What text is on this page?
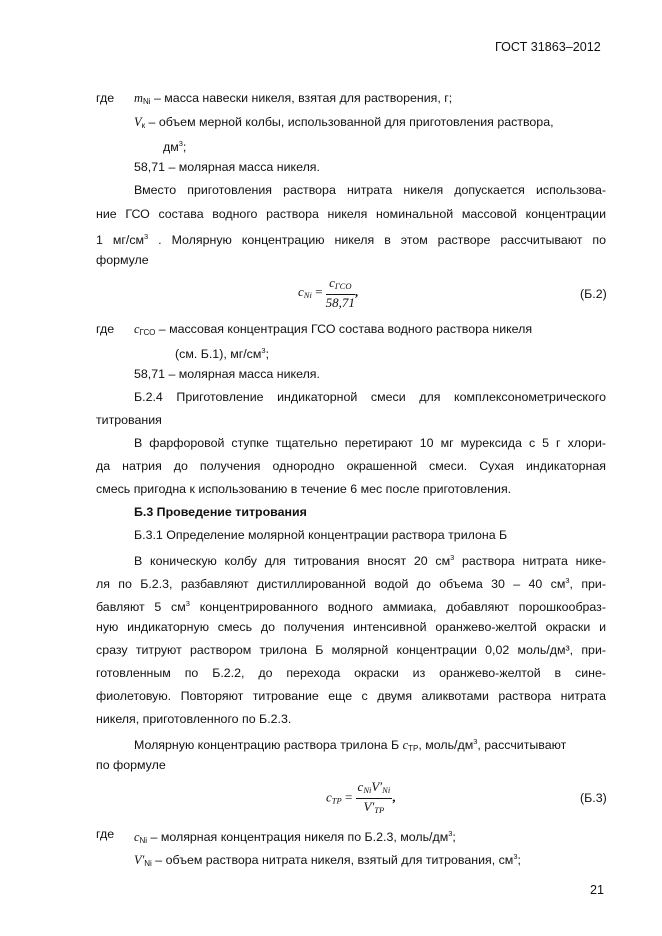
ГОСТ 31863–2012
где $m_{Ni}$ – масса навески никеля, взятая для растворения, г;
$V_к$ – объем мерной колбы, использованной для приготовления раствора,
$дм^3$;
58,71 – молярная масса никеля.
Вместо приготовления раствора нитрата никеля допускается использова-
ние ГСО состава водного раствора никеля номинальной массовой концентрации
1 $мг/см^3$ . Молярную концентрацию никеля в этом растворе рассчитывают по
формуле
cNi = $\frac{\text{cГСО}}{58,71}$ ,	(Б.2)
где $c_{ГСО}$ – массовая концентрация ГСО состава водного раствора никеля
(см. Б.1), $мг/см^3$;
58,71 – молярная масса никеля.
Б.2.4 Приготовление индикаторной смеси для комплексонометрического
титрования
В фарфоровой ступке тщательно перетирают 10 мг мурексида с 5 г хлори-
да натрия до получения однородно окрашенной смеси. Сухая индикаторная
смесь пригодна к использованию в течение 6 мес после приготовления.
Б.3 Проведение титрования
Б.3.1 Определение молярной концентрации раствора трилона Б
В коническую колбу для титрования вносят 20 $см^3$ раствора нитрата нике-
ля по Б.2.3, разбавляют дистиллированной водой до объема 30 – 40 $см^3$, при-
бавляют 5 $см^3$ концентрированного водного аммиака, добавляют порошкообраз-
ную индикаторную смесь до получения интенсивной оранжево-желтой окраски и
сразу титруют раствором трилона Б молярной концентрации 0,02 моль/дм³, при-
готовленным по Б.2.2, до перехода окраски из оранжево-желтой в сине-
фиолетовую. Повторяют титрование еще с двумя аликвотами раствора нитрата
никеля, приготовленного по Б.2.3.
Молярную концентрацию раствора трилона Б $c_{ТР}$, моль/$дм^3$, рассчитывают
по формуле
cТР = $\frac{\text{cNiV′Ni}}{V'ТР}$ ,	(Б.3)
где $c_{Ni}$ – молярная концентрация никеля по Б.2.3, моль/$дм^3$;
$V'_{Ni}$ – объем раствора нитрата никеля, взятый для титрования, $см^3$;
21
